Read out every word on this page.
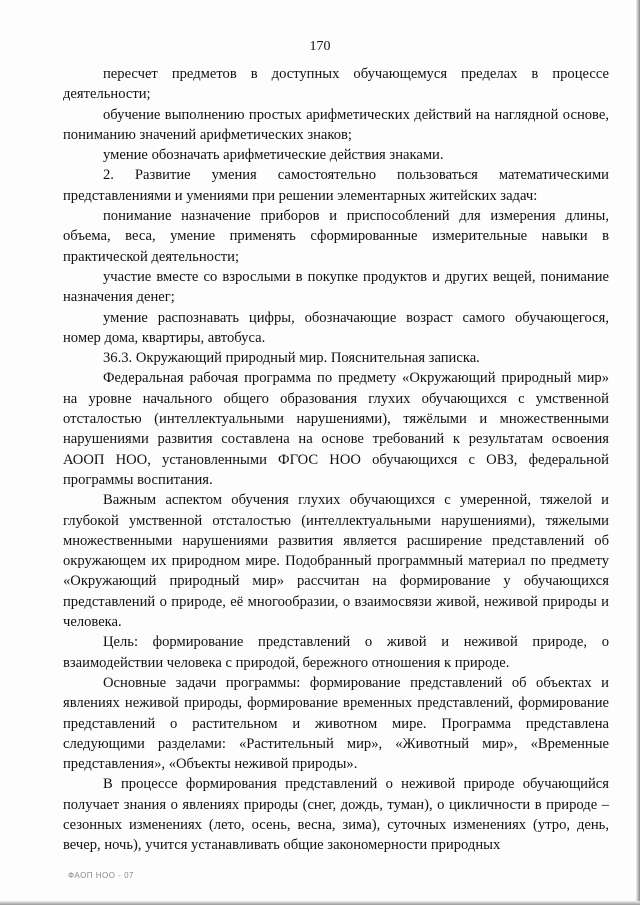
170

пересчет предметов в доступных обучающемуся пределах в процессе деятельности;

обучение выполнению простых арифметических действий на наглядной основе, пониманию значений арифметических знаков;

умение обозначать арифметические действия знаками.

2. Развитие умения самостоятельно пользоваться математическими представлениями и умениями при решении элементарных житейских задач:

понимание назначение приборов и приспособлений для измерения длины, объема, веса, умение применять сформированные измерительные навыки в практической деятельности;

участие вместе со взрослыми в покупке продуктов и других вещей, понимание назначения денег;

умение распознавать цифры, обозначающие возраст самого обучающегося, номер дома, квартиры, автобуса.

36.3. Окружающий природный мир. Пояснительная записка.

Федеральная рабочая программа по предмету «Окружающий природный мир» на уровне начального общего образования глухих обучающихся с умственной отсталостью (интеллектуальными нарушениями), тяжёлыми и множественными нарушениями развития составлена на основе требований к результатам освоения АООП НОО, установленными ФГОС НОО обучающихся с ОВЗ, федеральной программы воспитания.

Важным аспектом обучения глухих обучающихся с умеренной, тяжелой и глубокой умственной отсталостью (интеллектуальными нарушениями), тяжелыми множественными нарушениями развития является расширение представлений об окружающем их природном мире. Подобранный программный материал по предмету «Окружающий природный мир» рассчитан на формирование у обучающихся представлений о природе, её многообразии, о взаимосвязи живой, неживой природы и человека.

Цель: формирование представлений о живой и неживой природе, о взаимодействии человека с природой, бережного отношения к природе.

Основные задачи программы: формирование представлений об объектах и явлениях неживой природы, формирование временных представлений, формирование представлений о растительном и животном мире. Программа представлена следующими разделами: «Растительный мир», «Животный мир», «Временные представления», «Объекты неживой природы».

В процессе формирования представлений о неживой природе обучающийся получает знания о явлениях природы (снег, дождь, туман), о цикличности в природе – сезонных изменениях (лето, осень, весна, зима), суточных изменениях (утро, день, вечер, ночь), учится устанавливать общие закономерности природных

ФАОП НОО - 07
